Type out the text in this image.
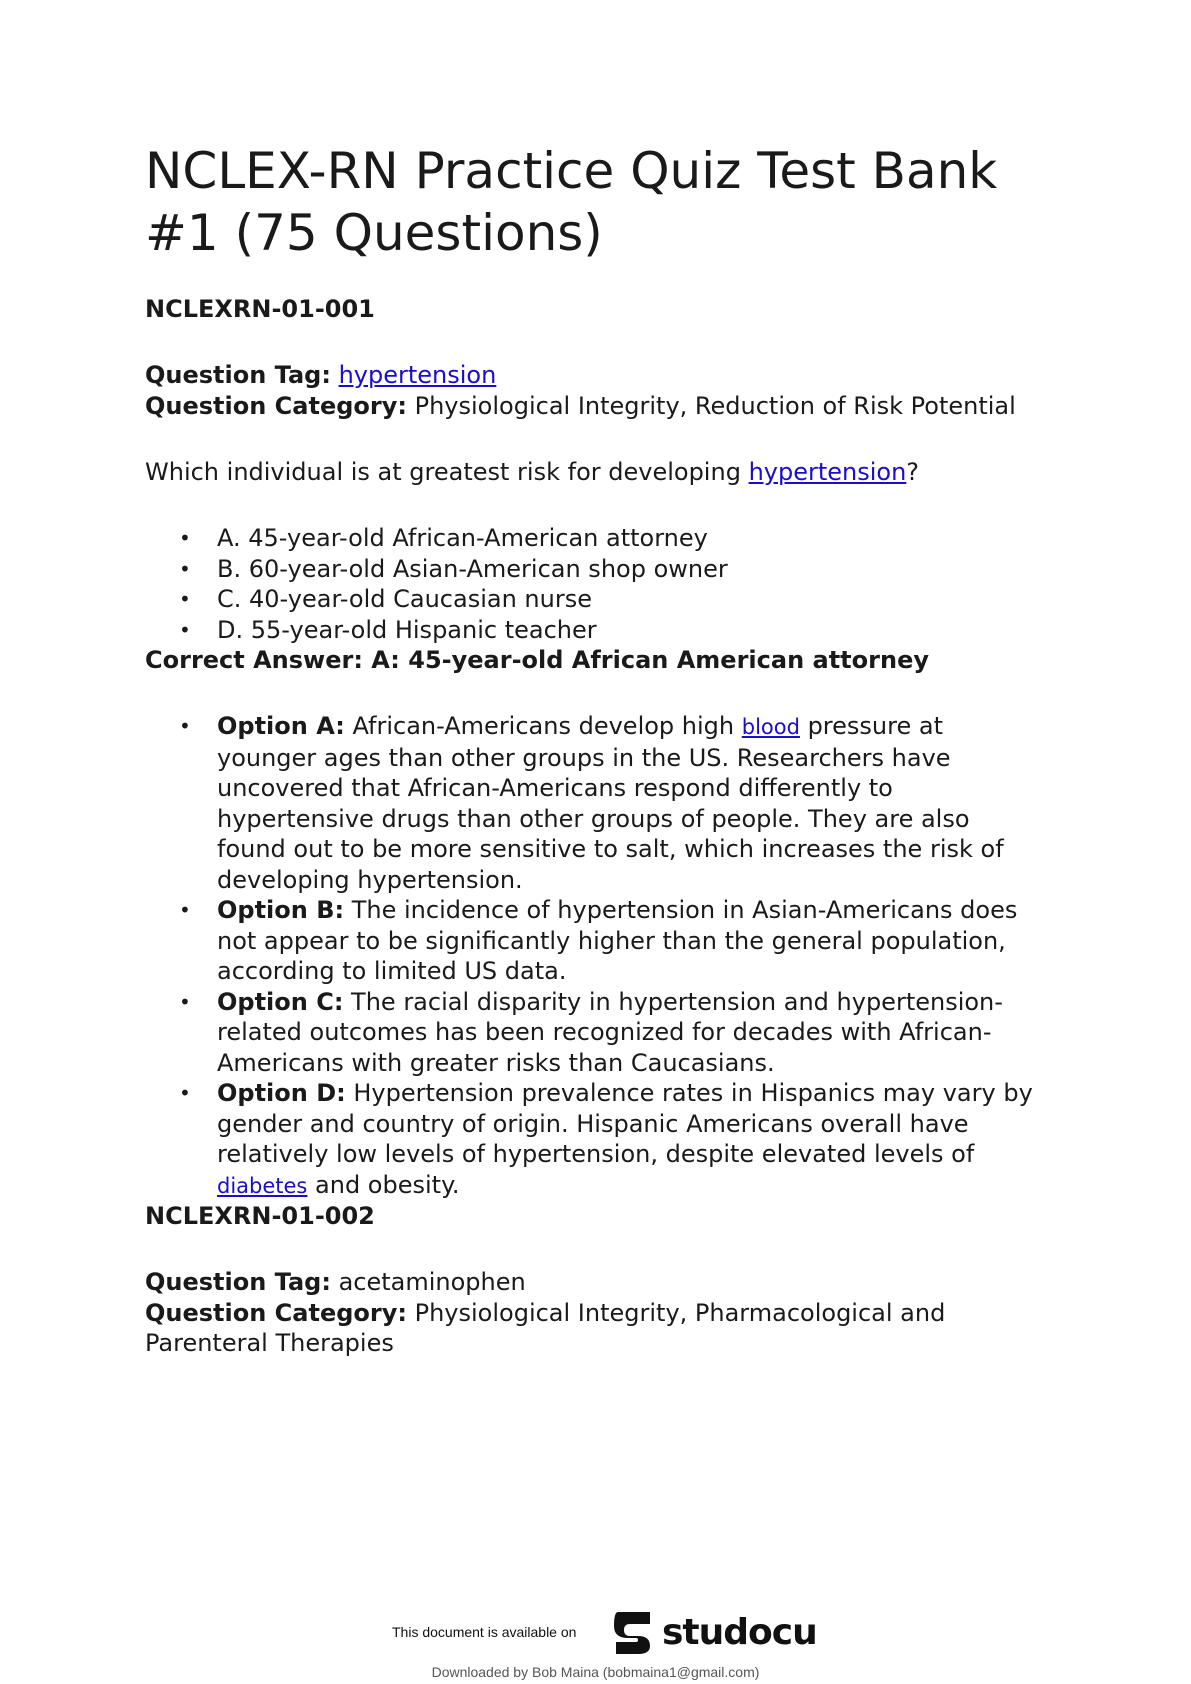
NCLEX-RN Practice Quiz Test Bank #1 (75 Questions)

NCLEXRN-01-001

Question Tag: hypertension

Question Category: Physiological Integrity, Reduction of Risk Potential

Which individual is at greatest risk for developing hypertension?

• A. 45-year-old African-American attorney
• B. 60-year-old Asian-American shop owner
• C. 40-year-old Caucasian nurse
• D. 55-year-old Hispanic teacher

Correct Answer: A: 45-year-old African American attorney

• Option A: African-Americans develop high blood pressure at younger ages than other groups in the US. Researchers have uncovered that African-Americans respond differently to hypertensive drugs than other groups of people. They are also found out to be more sensitive to salt, which increases the risk of developing hypertension.
• Option B: The incidence of hypertension in Asian-Americans does not appear to be significantly higher than the general population, according to limited US data.
• Option C: The racial disparity in hypertension and hypertension-related outcomes has been recognized for decades with African-Americans with greater risks than Caucasians.
• Option D: Hypertension prevalence rates in Hispanics may vary by gender and country of origin. Hispanic Americans overall have relatively low levels of hypertension, despite elevated levels of diabetes and obesity.

NCLEXRN-01-002

Question Tag: acetaminophen

Question Category: Physiological Integrity, Pharmacological and Parenteral Therapies

This document is available on studocu
Downloaded by Bob Maina (bobmaina1@gmail.com)
